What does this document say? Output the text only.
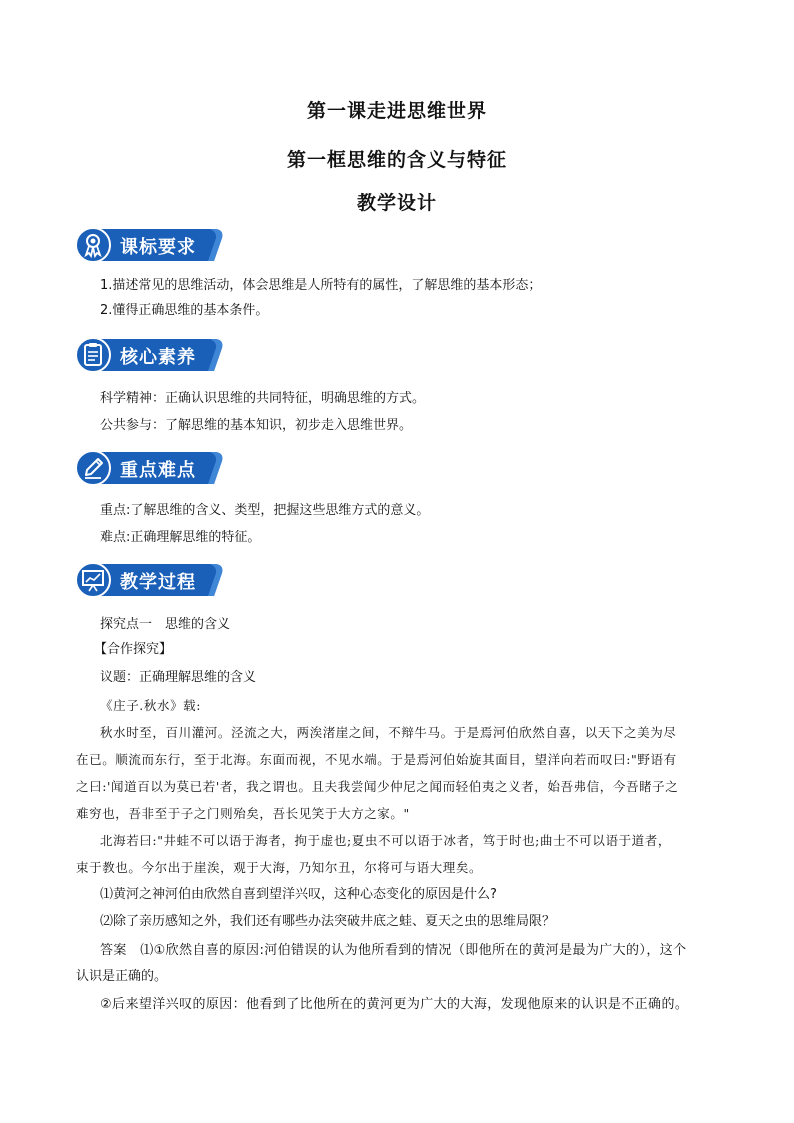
第一课走进思维世界
第一框思维的含义与特征
教学设计
课标要求
1.描述常见的思维活动，体会思维是人所特有的属性，了解思维的基本形态；
2.懂得正确思维的基本条件。
核心素养
科学精神：正确认识思维的共同特征，明确思维的方式。
公共参与：了解思维的基本知识，初步走入思维世界。
重点难点
重点:了解思维的含义、类型，把握这些思维方式的意义。
难点:正确理解思维的特征。
教学过程
探究点一　思维的含义
【合作探究】
议题：正确理解思维的含义
《庄子.秋水》载:
秋水时至，百川灌河。泾流之大，两涘渚崖之间，不辩牛马。于是焉河伯欣然自喜，以天下之美为尽
在已。顺流而东行，至于北海。东面而视，不见水端。于是焉河伯始旋其面目，望洋向若而叹曰:"野语有
之曰:'闻道百以为莫已若'者，我之谓也。且夫我尝闻少仲尼之闻而轻伯夷之义者，始吾弗信，今吾睹子之
难穷也，吾非至于子之门则殆矣，吾长见笑于大方之家。"
北海若曰:"井蛙不可以语于海者，拘于虚也;夏虫不可以语于冰者，笃于时也;曲士不可以语于道者，
束于教也。今尔出于崖涘，观于大海，乃知尔丑，尔将可与语大理矣。
⑴黄河之神河伯由欣然自喜到望洋兴叹，这种心态变化的原因是什么?
⑵除了亲历感知之外，我们还有哪些办法突破井底之蛙、夏天之虫的思维局限？
答案　⑴①欣然自喜的原因:河伯错误的认为他所看到的情况（即他所在的黄河是最为广大的），这个
认识是正确的。
②后来望洋兴叹的原因：他看到了比他所在的黄河更为广大的大海，发现他原来的认识是不正确的。
